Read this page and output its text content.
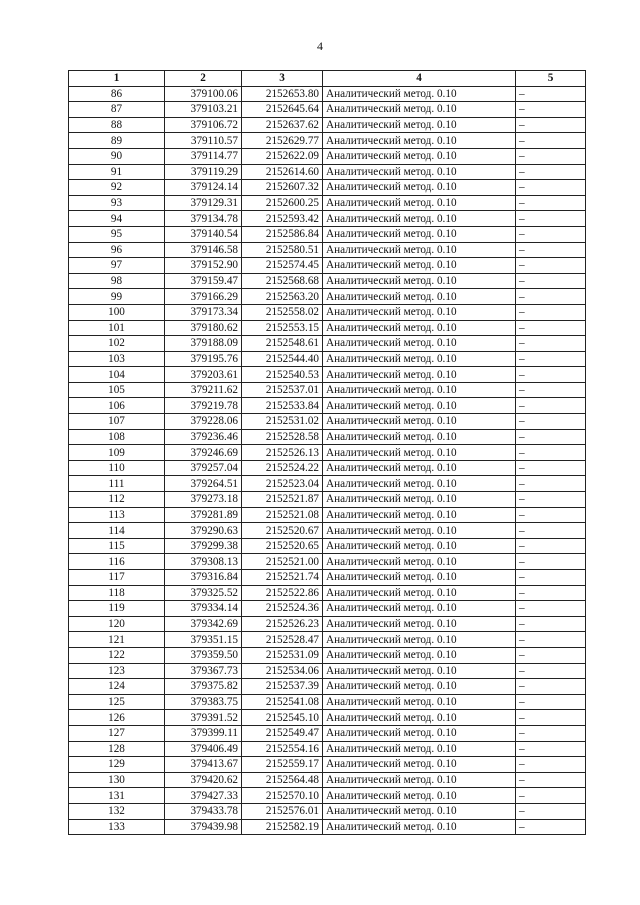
4
1	2	3	4	5
86	379100.06	2152653.80	Аналитический метод. 0.10	–
87	379103.21	2152645.64	Аналитический метод. 0.10	–
88	379106.72	2152637.62	Аналитический метод. 0.10	–
89	379110.57	2152629.77	Аналитический метод. 0.10	–
90	379114.77	2152622.09	Аналитический метод. 0.10	–
91	379119.29	2152614.60	Аналитический метод. 0.10	–
92	379124.14	2152607.32	Аналитический метод. 0.10	–
93	379129.31	2152600.25	Аналитический метод. 0.10	–
94	379134.78	2152593.42	Аналитический метод. 0.10	–
95	379140.54	2152586.84	Аналитический метод. 0.10	–
96	379146.58	2152580.51	Аналитический метод. 0.10	–
97	379152.90	2152574.45	Аналитический метод. 0.10	–
98	379159.47	2152568.68	Аналитический метод. 0.10	–
99	379166.29	2152563.20	Аналитический метод. 0.10	–
100	379173.34	2152558.02	Аналитический метод. 0.10	–
101	379180.62	2152553.15	Аналитический метод. 0.10	–
102	379188.09	2152548.61	Аналитический метод. 0.10	–
103	379195.76	2152544.40	Аналитический метод. 0.10	–
104	379203.61	2152540.53	Аналитический метод. 0.10	–
105	379211.62	2152537.01	Аналитический метод. 0.10	–
106	379219.78	2152533.84	Аналитический метод. 0.10	–
107	379228.06	2152531.02	Аналитический метод. 0.10	–
108	379236.46	2152528.58	Аналитический метод. 0.10	–
109	379246.69	2152526.13	Аналитический метод. 0.10	–
110	379257.04	2152524.22	Аналитический метод. 0.10	–
111	379264.51	2152523.04	Аналитический метод. 0.10	–
112	379273.18	2152521.87	Аналитический метод. 0.10	–
113	379281.89	2152521.08	Аналитический метод. 0.10	–
114	379290.63	2152520.67	Аналитический метод. 0.10	–
115	379299.38	2152520.65	Аналитический метод. 0.10	–
116	379308.13	2152521.00	Аналитический метод. 0.10	–
117	379316.84	2152521.74	Аналитический метод. 0.10	–
118	379325.52	2152522.86	Аналитический метод. 0.10	–
119	379334.14	2152524.36	Аналитический метод. 0.10	–
120	379342.69	2152526.23	Аналитический метод. 0.10	–
121	379351.15	2152528.47	Аналитический метод. 0.10	–
122	379359.50	2152531.09	Аналитический метод. 0.10	–
123	379367.73	2152534.06	Аналитический метод. 0.10	–
124	379375.82	2152537.39	Аналитический метод. 0.10	–
125	379383.75	2152541.08	Аналитический метод. 0.10	–
126	379391.52	2152545.10	Аналитический метод. 0.10	–
127	379399.11	2152549.47	Аналитический метод. 0.10	–
128	379406.49	2152554.16	Аналитический метод. 0.10	–
129	379413.67	2152559.17	Аналитический метод. 0.10	–
130	379420.62	2152564.48	Аналитический метод. 0.10	–
131	379427.33	2152570.10	Аналитический метод. 0.10	–
132	379433.78	2152576.01	Аналитический метод. 0.10	–
133	379439.98	2152582.19	Аналитический метод. 0.10	–
